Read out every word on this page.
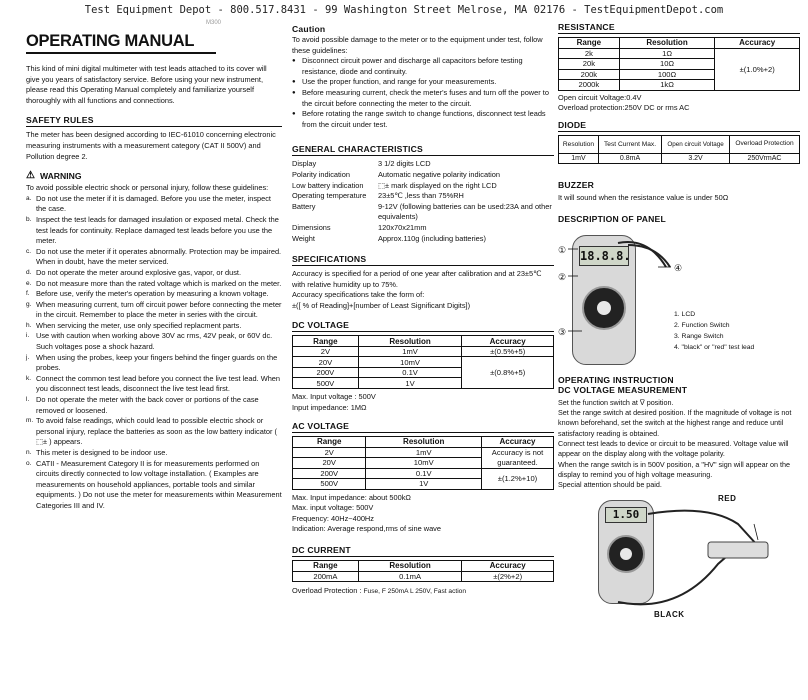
Test Equipment Depot - 800.517.8431 - 99 Washington Street Melrose, MA 02176 - TestEquipmentDepot.com
OPERATING MANUAL

This kind of mini digital multimeter with test leads attached to its cover will give you years of satisfactory service. Before using your new instrument, please read this Operating Manual completely and familiarize yourself thoroughly with all functions and connections.

SAFETY RULES

The meter has been designed according to IEC-61010 concerning electronic measuring instruments with a measurement category (CAT II 500V) and Pollution degree 2.

⚠ WARNING

To avoid possible electric shock or personal injury, follow these guidelines:

a. Do not use the meter if it is damaged. Before you use the meter, inspect the case.
b. Inspect the test leads for damaged insulation or exposed metal. Check the test leads for continuity. Replace damaged test leads before you use the meter.
c. Do not use the meter if it operates abnormally. Protection may be impaired. When in doubt, have the meter serviced.
d. Do not operate the meter around explosive gas, vapor, or dust.
e. Do not measure more than the rated voltage which is marked on the meter.
f. Before use, verify the meter's operation by measuring a known voltage.
g. When measuring current, turn off circuit power before connecting the meter in the circuit. Remember to place the meter in series with the circuit.
h. When servicing the meter, use only specified replacment parts.
i. Use with caution when working above 30V ac rms, 42V peak, or 60V dc. Such voltages pose a shock hazard.
j. When using the probes, keep your fingers behind the finger guards on the probes.
k. Connect the common test lead before you connect the live test lead. When you disconnect test leads, disconnect the live test lead first.
l. Do not operate the meter with the back cover or portions of the case removed or loosened.
m. To avoid false readings, which could lead to possible electric shock or personal injury, replace the batteries as soon as the low battery indicator ( ⬚± ) appears.
n. This meter is designed to be indoor use.
o. CATII - Measurement Category II is for measurements performed on circuits directly connected to low voltage installation. ( Examples are measurements on household appliances, portable tools and similar equipments. ) Do not use the meter for measurements within Measurement Categories III and IV.
M300
Caution

To avoid possible damage to the meter or to the equipment under test, follow these guidelines:

● Disconnect circuit power and discharge all capacitors before testing resistance, diode and continuity.
● Use the proper function, and range for your measurements.
● Before measuring current, check the meter's fuses and turn off the power to the circuit before connecting the meter to the circuit.
● Before rotating the range switch to change functions, disconnect test leads from the circuit under test.
GENERAL CHARACTERISTICS
Display	3 1/2 digits LCD
Polarity indication	Automatic negative polarity indication
Low battery indication	⬚± mark displayed on the right LCD
Operating temperature	23±5℃ ,less than 75%RH
Battery	9-12V (following batteries can be used:23A and other equivalents)
Dimensions	120x70x21mm
Weight	Approx.110g (including batteries)
SPECIFICATIONS

Accuracy is specified for a period of one year after calibration and at 23±5℃ with relative humidity up to 75%.

Accuracy specifications take the form of:

±([ % of Reading]+[number of Least Significant Digits])

DC VOLTAGE
Range	Resolution	Accuracy
2V	1mV	±(0.5%+5)
20V	10mV	±(0.8%+5)
200V	0.1V	
500V	1V	

Max. Input voltage : 500V

Input impedance: 1MΩ

AC VOLTAGE
Range	Resolution	Accuracy
2V	1mV	Accuracy is not guaranteed.
20V	10mV	
200V	0.1V	±(1.2%+10)
500V	1V	

Max. Input impedance: about 500kΩ

Max. input voltage: 500V

Frequency: 40Hz~400Hz

Indication: Average respond,rms of sine wave

DC CURRENT
Range	Resolution	Accuracy
200mA	0.1mA	±(2%+2)

Overload Protection : Fuse, F 250mA L 250V, Fast action

RESISTANCE
Range	Resolution	Accuracy
2k	1Ω	±(1.0%+2)
20k	10Ω	
200k	100Ω	
2000k	1kΩ	

Open circuit Voltage:0.4V

Overload protection:250V DC or rms AC

DIODE
Resolution	Test Current Max.	Open circuit Voltage	Overload Protection
1mV	0.8mA	3.2V	250VrmAC
BUZZER

It will sound when the resistance value is under 50Ω

DESCRIPTION OF PANEL
18.8.8.
①
②
③
④

1. LCD

2. Function Switch

3. Range Switch

4. "black" or "red" test lead

OPERATING INSTRUCTION
DC VOLTAGE MEASUREMENT

Set the function switch at V̅ position.

Set the range switch at desired position. If the magnitude of voltage is not known beforehand, set the switch at the highest range and reduce until satisfactory reading is obtained.

Connect test leads to device or circuit to be measured. Voltage value will appear on the display along with the voltage polarity.

When the range switch is in 500V position, a "HV" sign will appear on the display to remind you of high voltage measuring.

Special attention should be paid.

1.50
RED
BLACK
